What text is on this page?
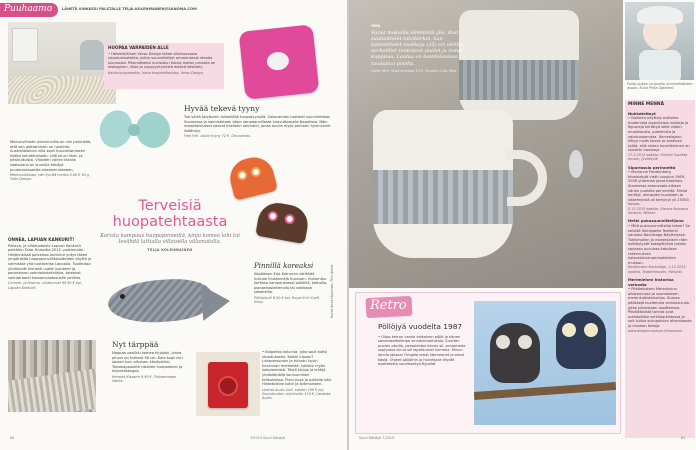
Puuhaamo	LÄHETÄ VINKKESI PALSTALLE TELJA.KOLEHMAINEN@SANOMA.COM
HUOPAA VARPAIDEN ALLE
• Helsinkiläinen Verso Design tekee villahuovasta sisustustuotteita, joihin suunnittelijat ammentavat ideoita luonnosta. Pitsimäiseksi kuvioidun Kaisla-maton pinnalla on ekologinen, likaa ja nyppyyntymistä estävä käsittely.
Kaisla-huopamatto, hinta tiedusteltavissa, Verso Design.
Hyvää tekevä tyyny
Tuo värtä talvikoriin lohkeilällä huopatyynyllä. Oskarandon tuotteet suunnitellaan Suomessa ja valmistetaan käsin lampaanvillasta huovuttamalla Nepalissa. Näin nepalilaisnaiset saavat itselleen ammatin, jonka avulla myös perheen hyvinvointi lisääntyy.
Feel Felt -istuin tyyny 72 €, Decorando.
Mintunvihreän menninvillia on niin pehmeää, että sen olettaminen on nautinto. Australialainen villa sopii huovuttamiseen lisäksi kehräämiseen, sillä se on lihat- ja pitsikuituista. Villaiden värien listalla saatavana on kuunilla käsityö puutarnoissaetta aireeamulakseen.
Merinovillatops, väri kynttä mintra 5,80 € 50 g, Taito Design.
ONNEA, LAPUAN KANKURIT!
Pellava- ja villatuotoisia Lapuan Kankurit palkittiin Taito-Finlandia 2015 -palkinnolla. Heljänneissä polveissa toiminut yritys täkee ympäristöä huopapuuvilliktuotteiden käyttö ja valmistaa yhä tuotteensa Lapualla. Tuotteissa yhdistyvät hienosti uudet luonteen ja perinteinen valmistustekniikka, toteavat valintaraanti kassainvaatosuolle perilles.
Coronel- ja Hoarna -villahuovat 99,90 € kpl, Lapuan Kankurit.
Terveisiä huopatehtaasta
Korista kampaus huopapinneillä, kinjo komea lohi tai levähdä lattialla villaisella villamatolla.
TELJA KOLEHMAINEN
Pinnillä koreaksi
Söpöiksen Erja Kotrunen värikkää hullulla hiuspinnejä huovuen. Hullumiko kortissa kampauksessi pöllöillä, kettuilla, pianonkoskettimilla tai vaikkapa sekabeilla.
Pöllöpinnit 6,50 € kpl, Royal 8'ch Craft Shop.
Nyt tärppää
Nappaa vaalikki komea kirjolohi, jonka pituus on huikeat 36 cm. Kala sopii niin lapsen kuin aikuisen käsitystiksi. Taivakappaleitä risteilee huopalohen ja kirjontakangas.
Hemma Kisaarin 9,90 €, Pinkammaan Valtila.
• Kalpeitko kaluinta, joka sopii kotisi sisustukseen. Kaikki luovan? Lukapersonain ja tutustu hyvin kuvannan merkeistä, valikiisi myös kotipleimistä. Tästä kirjoja ja lehtijä yhdistämällä kouluuminen tallauksissa. Pieni kuva ja paikalla sitä: Hintakoisine kotin ja kotimaiseen.
Upstad Audio Unit -kaiutin 199 € kpl, Soundsmiten ohjelmoitu 119 €, Upstead Audio.
Kuvat Anna Huovinen, Pilvi Antila
80	7/2015 Suuri Käsityö
OMA
Varaa mukeille lämmintä ylle. Kun suunnittelet talvikerkoi, kun kämmittelet mukkeja (35) eri värillä, nerkeilllet tuntisteet puolet ja tomat kuppissa. Laulua on luontelaisissa tuunailua pivolla.
Cable Mini, hinta kuvassa 15 €, Sinokko Ciliis Tolle.
Pullip-nukke on puettu lumimetsäisten asuun. Kuva Pirita Ojasiemi.
MINNE MENNÄ
Nukketeltoyt
• Nukkien näyttely esittelee moderneja japanilaisia nukkeja ja figuureja kerättyä sekä niiden muokkausta, pukemista ja valokuvaamista. Harrastajaan liittyy myös kovaa ja vaativaa työtä, sillä niiden kuvaileminen on suosittu hauskoja.
17.2.2015 saakka, Hirvitel Ssyntaa museo, Jyväskylä.
Sipariassia perinnettä
• Marianne Ferdamberg tävalhelpät vietti vuosina 1969–2008 yhteensä jossa Kaakkois-Suomessa arosuvaala eläisen värien puolella perinnettä. Minkä kerätyt, aikuspien kuvioiden ja näkemyksiä oli kertynyt yli 25000 kuvaa.
5.12.2015 saakka, Hienoa Nouseva Helsinki, Mikkeli.
Hetki pukusuunnittelijana
• Mitä pukusuunnittelija tekee? Se selviää Seinäjoella Teatterin varastoi Backstage-Näyttelyssä. Tuhkimolien ja monenlaisen rätin esittäytyvät kokopäivänä jostain sarjassa puvuissa katolisen rakennuksen katsastuksenperiaatteiden mukaan.
Kesämuseo Backstage, 1.12.2015 saakka, Teatterimuseo, Helsinki.
Merimiehen historiaa verkosta
• Pitkäaikaisen Merenkulun aikataulussa ja suomalaisen merenkulkuhistoriaa. Suoraa pääkkejä kuvitetulla verkkosivulla, jotka julkaistaan osoitteessa. Pitkäikäisistä tarinat ovat mahdollista verkkoarkistossa ja voit tutkia sukupolvien alkamisesta ja museon tietoja.
www.designmuseum.fi/museum
Retro
Pöllöjyä vuodelta 1987
• Olipa kerran varsia valkoinen pöllö ja hänen sanamaattisiimpa vinnankirjoituksia. Suurten puolen okoilla, persoleiden kärsin sil, seluomeita sopivasta sinua sill lapahtumat kummia. Minun lannia jaksaa! Ompele omat kämmenet ja omat käsiä. Ohjeet pöllöihin ja huiveijaan löydät osoitteesta suurikasityo.fi/pollot
Suuri Käsityö 7/2015	81
